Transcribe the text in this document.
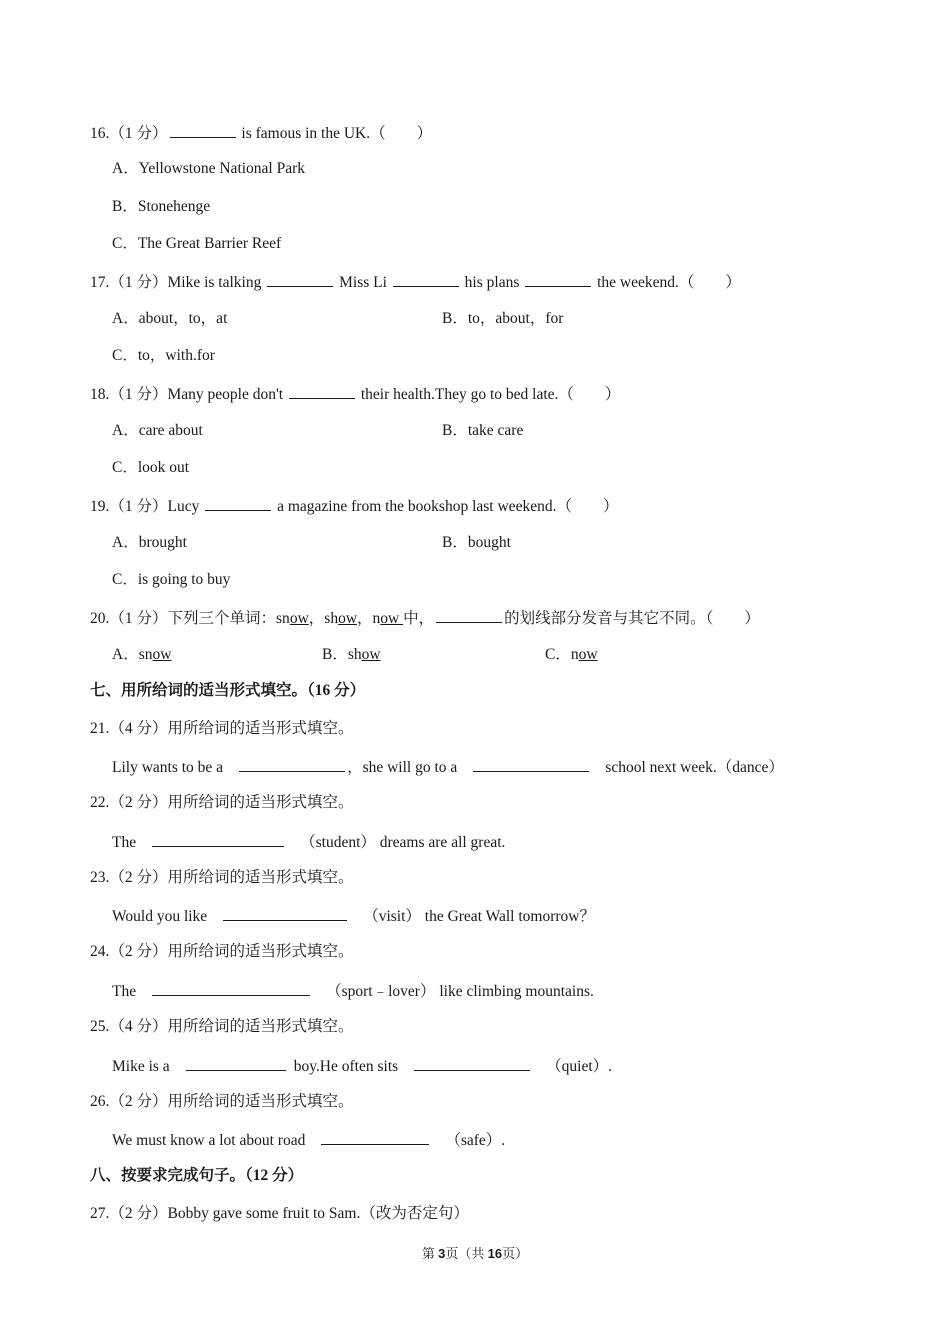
16.（1 分）	is famous in the UK.（　　）
A．Yellowstone National Park
B．Stonehenge
C．The Great Barrier Reef
17.（1 分）Mike is talking	Miss Li	his plans	the weekend.（　　）
A．about，to，at	B．to，about，for
C．to，with.for
18.（1 分）Many people don't	their health.They go to bed late.（　　）
A．care about	B．take care
C．look out
19.（1 分）Lucy	a magazine from the bookshop last weekend.（　　）
A．brought	B．bought
C．is going to buy
20.（1 分）下列三个单词：snow，show，now 中，	的划线部分发音与其它不同。（　　）
A．snow	B．show	C．now
七、用所给词的适当形式填空。（16 分）
21.（4 分）用所给词的适当形式填空。
Lily wants to be a	，she will go to a	school next week.（dance）
22.（2 分）用所给词的适当形式填空。
The	（student） dreams are all great.
23.（2 分）用所给词的适当形式填空。
Would you like	（visit） the Great Wall tomorrow？
24.（2 分）用所给词的适当形式填空。
The	（sport﹣lover） like climbing mountains.
25.（4 分）用所给词的适当形式填空。
Mike is a	boy.He often sits	（quiet）.
26.（2 分）用所给词的适当形式填空。
We must know a lot about road	（safe）.
八、按要求完成句子。（12 分）
27.（2 分）Bobby gave some fruit to Sam.（改为否定句）
第 3页（共 16页）
